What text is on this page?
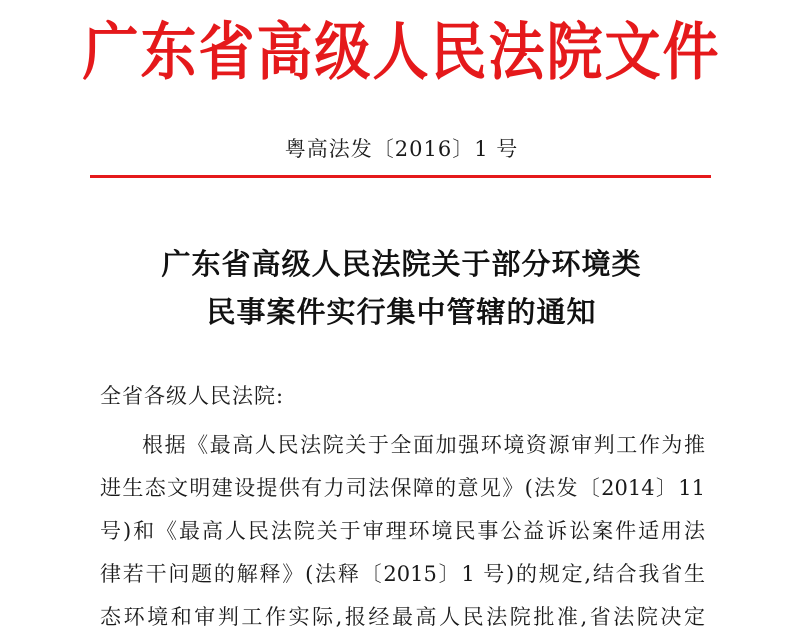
广东省高级人民法院文件
粤高法发〔2016〕1 号
广东省高级人民法院关于部分环境类
民事案件实行集中管辖的通知
全省各级人民法院:
根据《最高人民法院关于全面加强环境资源审判工作为推
进生态文明建设提供有力司法保障的意见》(法发〔2014〕11
号)和《最高人民法院关于审理环境民事公益诉讼案件适用法
律若干问题的解释》(法释〔2015〕1 号)的规定,结合我省生
态环境和审判工作实际,报经最高人民法院批准,省法院决定
